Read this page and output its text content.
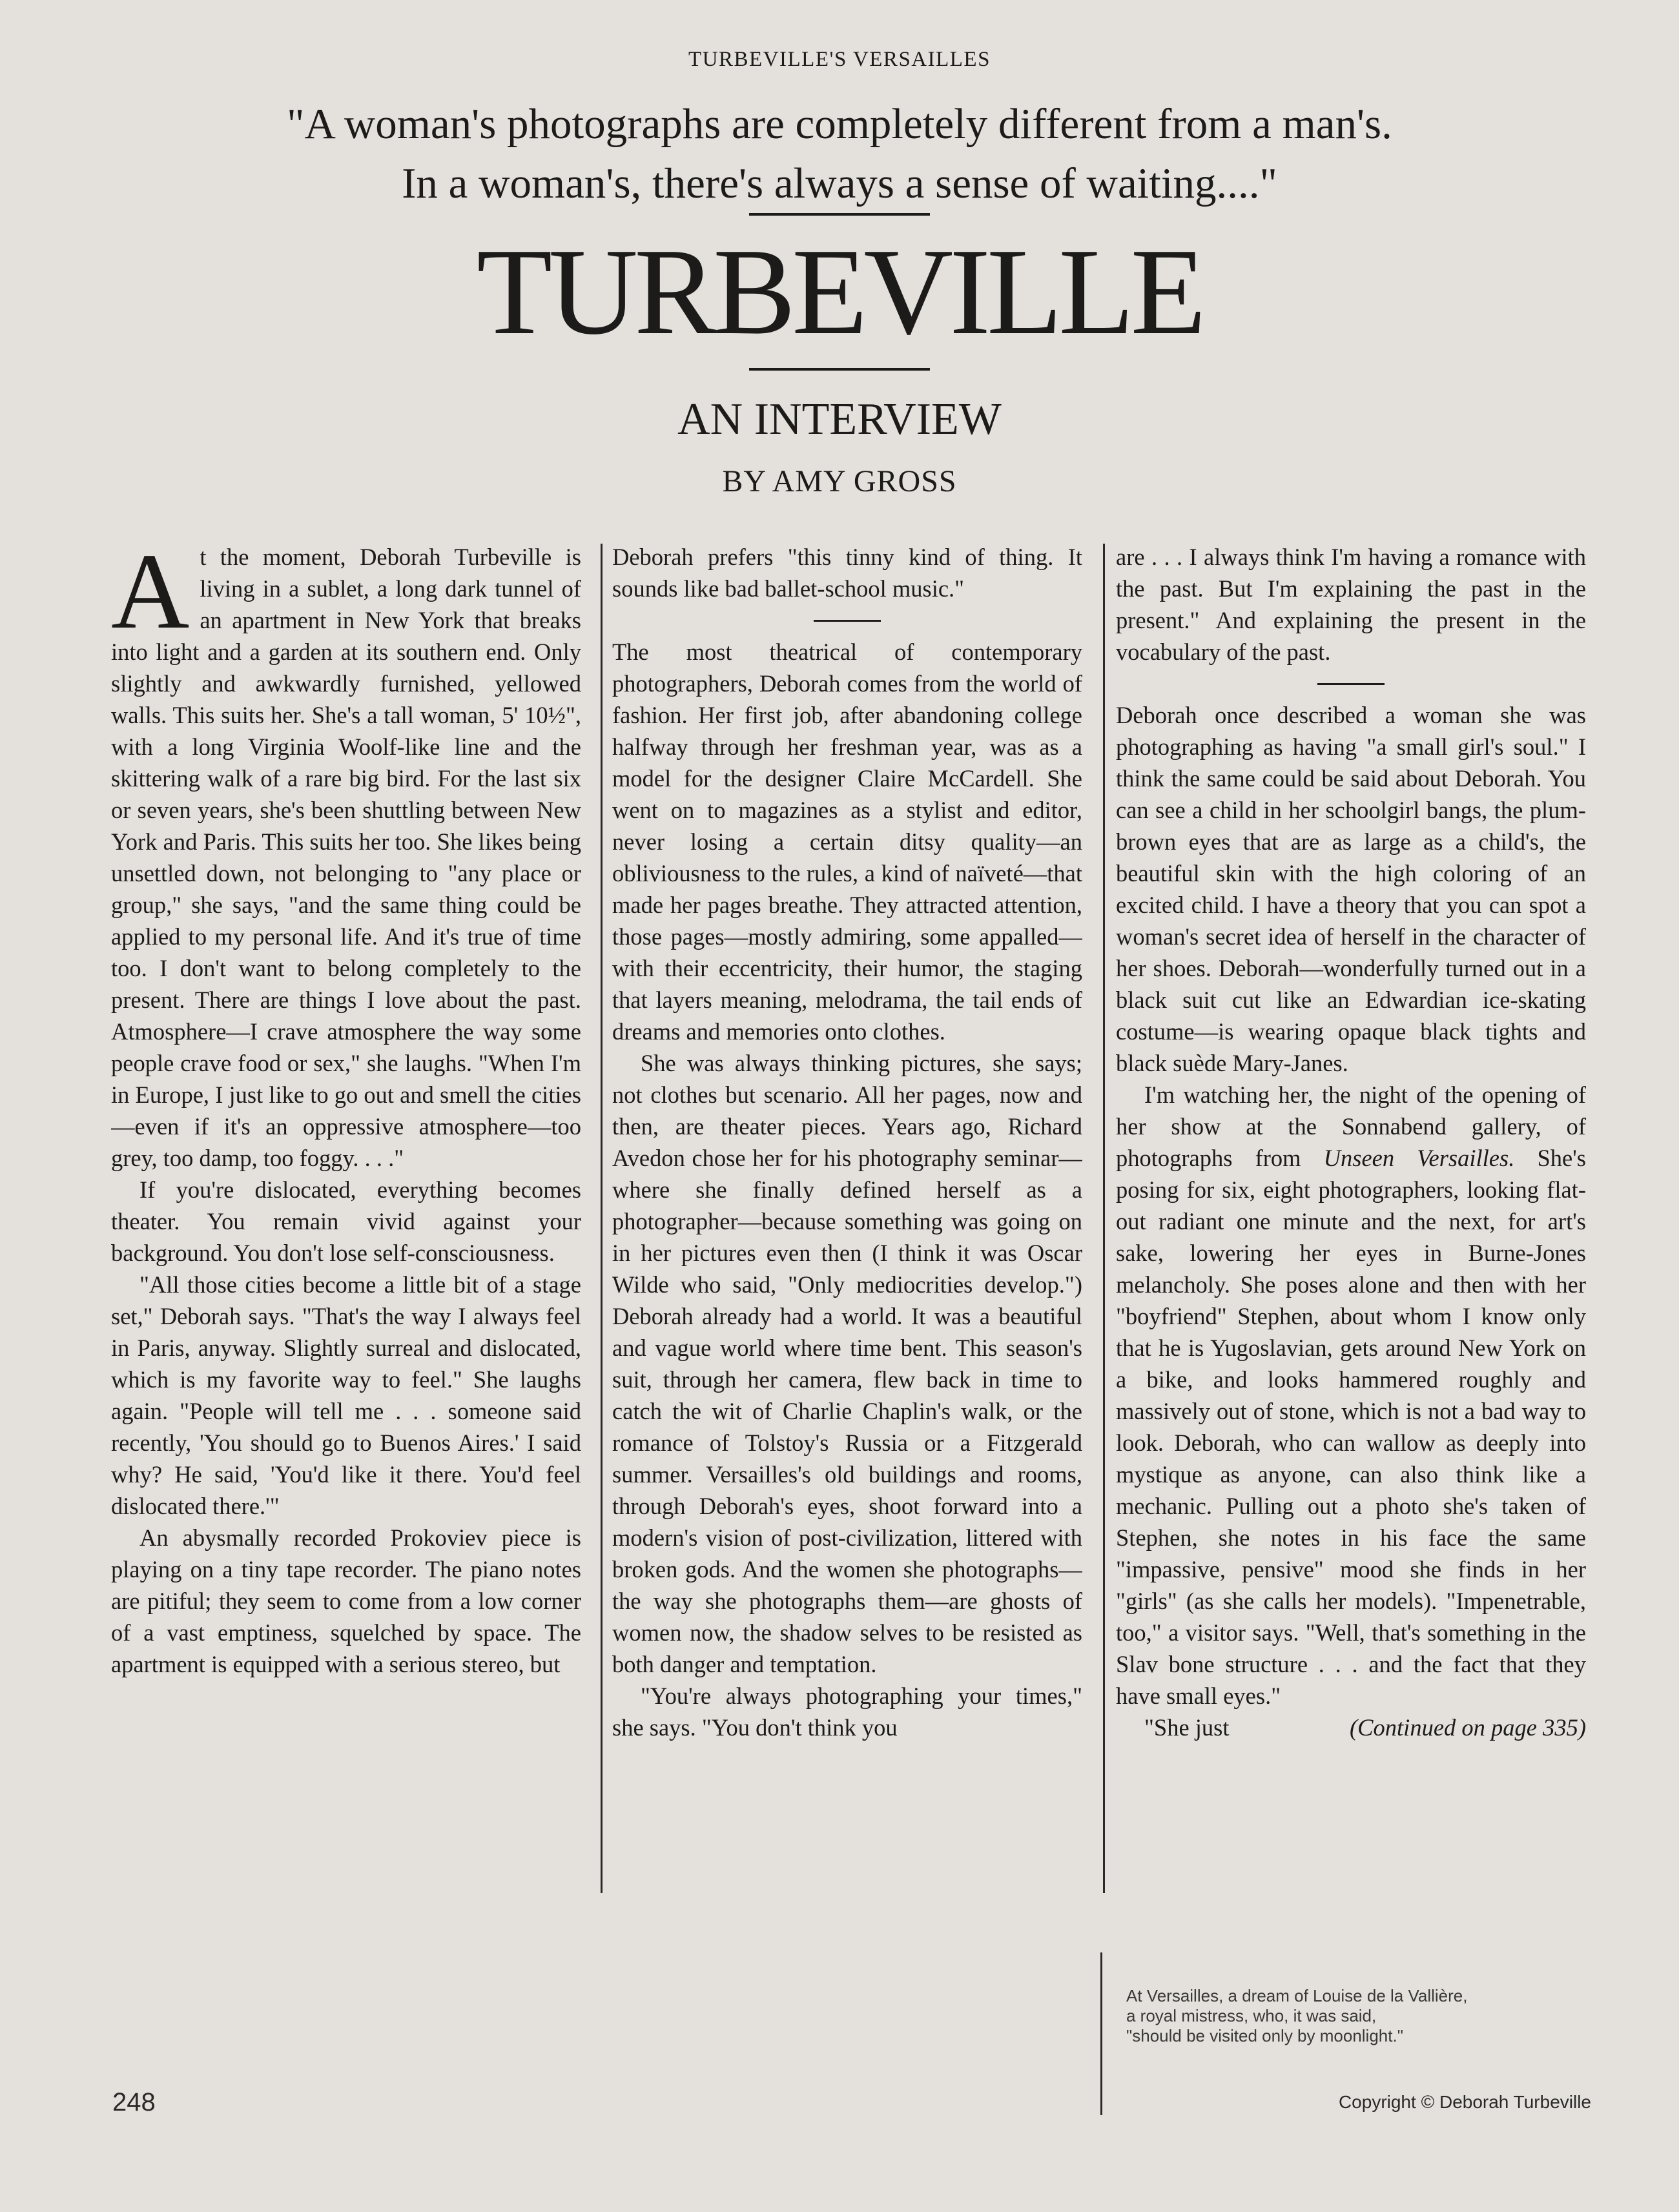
TURBEVILLE'S VERSAILLES
"A woman's photographs are completely different from a man's.
In a woman's, there's always a sense of waiting...."
TURBEVILLE
AN INTERVIEW
BY AMY GROSS

At the moment, Deborah Turbeville is living in a sublet, a long dark tunnel of an apartment in New York that breaks into light and a garden at its southern end. Only slightly and awkwardly furnished, yellowed walls. This suits her. She's a tall woman, 5' 10½", with a long Virginia Woolf-like line and the skittering walk of a rare big bird. For the last six or seven years, she's been shuttling between New York and Paris. This suits her too. She likes being unsettled down, not belonging to "any place or group," she says, "and the same thing could be applied to my personal life. And it's true of time too. I don't want to belong completely to the present. There are things I love about the past. Atmosphere—I crave atmosphere the way some people crave food or sex," she laughs. "When I'm in Europe, I just like to go out and smell the cities—even if it's an oppressive atmosphere—too grey, too damp, too foggy. . . ."

If you're dislocated, everything becomes theater. You remain vivid against your background. You don't lose self-consciousness.

"All those cities become a little bit of a stage set," Deborah says. "That's the way I always feel in Paris, anyway. Slightly surreal and dislocated, which is my favorite way to feel." She laughs again. "People will tell me . . . someone said recently, 'You should go to Buenos Aires.' I said why? He said, 'You'd like it there. You'd feel dislocated there.'"

An abysmally recorded Prokoviev piece is playing on a tiny tape recorder. The piano notes are pitiful; they seem to come from a low corner of a vast emptiness, squelched by space. The apartment is equipped with a serious stereo, but

Deborah prefers "this tinny kind of thing. It sounds like bad ballet-school music."

The most theatrical of contemporary photographers, Deborah comes from the world of fashion. Her first job, after abandoning college halfway through her freshman year, was as a model for the designer Claire McCardell. She went on to magazines as a stylist and editor, never losing a certain ditsy quality—an obliviousness to the rules, a kind of naïveté—that made her pages breathe. They attracted attention, those pages—mostly admiring, some appalled—with their eccentricity, their humor, the staging that layers meaning, melodrama, the tail ends of dreams and memories onto clothes.

She was always thinking pictures, she says; not clothes but scenario. All her pages, now and then, are theater pieces. Years ago, Richard Avedon chose her for his photography seminar—where she finally defined herself as a photographer—because something was going on in her pictures even then (I think it was Oscar Wilde who said, "Only mediocrities develop.") Deborah already had a world. It was a beautiful and vague world where time bent. This season's suit, through her camera, flew back in time to catch the wit of Charlie Chaplin's walk, or the romance of Tolstoy's Russia or a Fitzgerald summer. Versailles's old buildings and rooms, through Deborah's eyes, shoot forward into a modern's vision of post-civilization, littered with broken gods. And the women she photographs—the way she photographs them—are ghosts of women now, the shadow selves to be resisted as both danger and temptation.

"You're always photographing your times," she says. "You don't think you

are . . . I always think I'm having a romance with the past. But I'm explaining the past in the present." And explaining the present in the vocabulary of the past.

Deborah once described a woman she was photographing as having "a small girl's soul." I think the same could be said about Deborah. You can see a child in her schoolgirl bangs, the plum-brown eyes that are as large as a child's, the beautiful skin with the high coloring of an excited child. I have a theory that you can spot a woman's secret idea of herself in the character of her shoes. Deborah—wonderfully turned out in a black suit cut like an Edwardian ice-skating costume—is wearing opaque black tights and black suède Mary-Janes.

I'm watching her, the night of the opening of her show at the Sonnabend gallery, of photographs from Unseen Versailles. She's posing for six, eight photographers, looking flat-out radiant one minute and the next, for art's sake, lowering her eyes in Burne-Jones melancholy. She poses alone and then with her "boyfriend" Stephen, about whom I know only that he is Yugoslavian, gets around New York on a bike, and looks hammered roughly and massively out of stone, which is not a bad way to look. Deborah, who can wallow as deeply into mystique as anyone, can also think like a mechanic. Pulling out a photo she's taken of Stephen, she notes in his face the same "impassive, pensive" mood she finds in her "girls" (as she calls her models). "Impenetrable, too," a visitor says. "Well, that's something in the Slav bone structure . . . and the fact that they have small eyes."

"She just	(Continued on page 335)

At Versailles, a dream of Louise de la Vallière,
a royal mistress, who, it was said,
"should be visited only by moonlight."
248	Copyright © Deborah Turbeville
